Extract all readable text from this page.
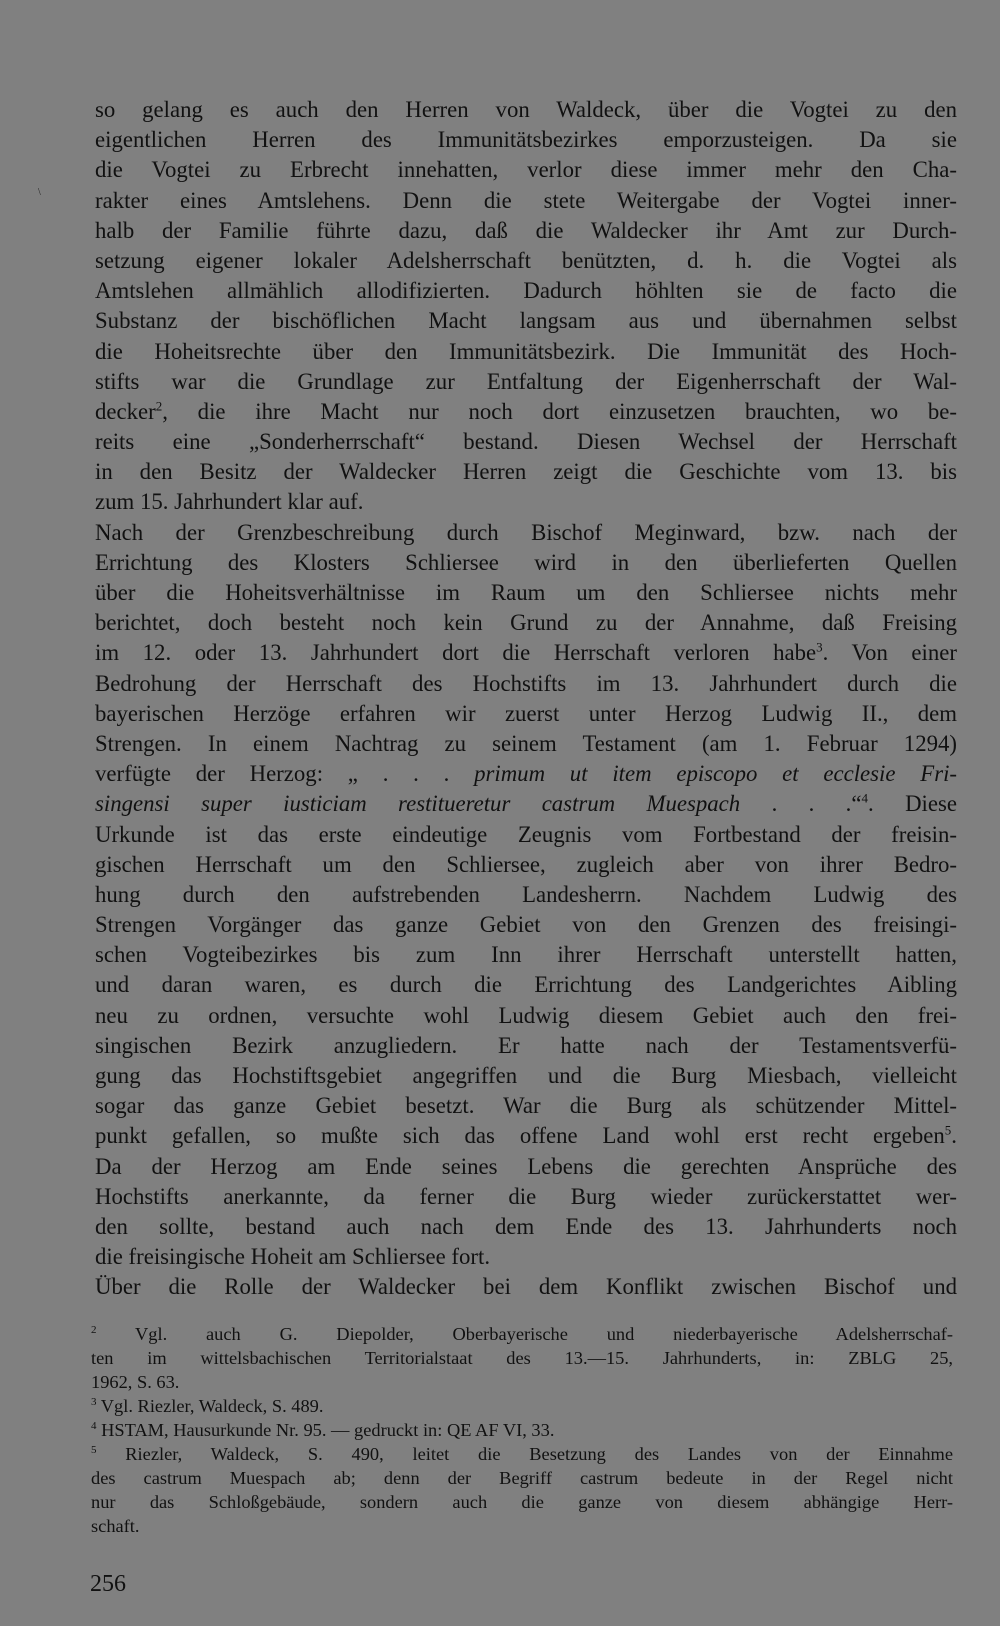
\
so gelang es auch den Herren von Waldeck, über die Vogtei zu den
eigentlichen Herren des Immunitätsbezirkes emporzusteigen. Da sie
die Vogtei zu Erbrecht innehatten, verlor diese immer mehr den Cha-
rakter eines Amtslehens. Denn die stete Weitergabe der Vogtei inner-
halb der Familie führte dazu, daß die Waldecker ihr Amt zur Durch-
setzung eigener lokaler Adelsherrschaft benützten, d. h. die Vogtei als
Amtslehen allmählich allodifizierten. Dadurch höhlten sie de facto die
Substanz der bischöflichen Macht langsam aus und übernahmen selbst
die Hoheitsrechte über den Immunitätsbezirk. Die Immunität des Hoch-
stifts war die Grundlage zur Entfaltung der Eigenherrschaft der Wal-
decker$^2$, die ihre Macht nur noch dort einzusetzen brauchten, wo be-
reits eine „Sonderherrschaft“ bestand. Diesen Wechsel der Herrschaft
in den Besitz der Waldecker Herren zeigt die Geschichte vom 13. bis
zum 15. Jahrhundert klar auf.
Nach der Grenzbeschreibung durch Bischof Meginward, bzw. nach der
Errichtung des Klosters Schliersee wird in den überlieferten Quellen
über die Hoheitsverhältnisse im Raum um den Schliersee nichts mehr
berichtet, doch besteht noch kein Grund zu der Annahme, daß Freising
im 12. oder 13. Jahrhundert dort die Herrschaft verloren habe$^3$. Von einer
Bedrohung der Herrschaft des Hochstifts im 13. Jahrhundert durch die
bayerischen Herzöge erfahren wir zuerst unter Herzog Ludwig II., dem
Strengen. In einem Nachtrag zu seinem Testament (am 1. Februar 1294)
verfügte der Herzog: „ . . . primum ut item episcopo et ecclesie Fri-
singensi super iusticiam restitueretur castrum Muespach . . .“$^4$. Diese
Urkunde ist das erste eindeutige Zeugnis vom Fortbestand der freisin-
gischen Herrschaft um den Schliersee, zugleich aber von ihrer Bedro-
hung durch den aufstrebenden Landesherrn. Nachdem Ludwig des
Strengen Vorgänger das ganze Gebiet von den Grenzen des freisingi-
schen Vogteibezirkes bis zum Inn ihrer Herrschaft unterstellt hatten,
und daran waren, es durch die Errichtung des Landgerichtes Aibling
neu zu ordnen, versuchte wohl Ludwig diesem Gebiet auch den frei-
singischen Bezirk anzugliedern. Er hatte nach der Testamentsverfü-
gung das Hochstiftsgebiet angegriffen und die Burg Miesbach, vielleicht
sogar das ganze Gebiet besetzt. War die Burg als schützender Mittel-
punkt gefallen, so mußte sich das offene Land wohl erst recht ergeben$^5$.
Da der Herzog am Ende seines Lebens die gerechten Ansprüche des
Hochstifts anerkannte, da ferner die Burg wieder zurückerstattet wer-
den sollte, bestand auch nach dem Ende des 13. Jahrhunderts noch
die freisingische Hoheit am Schliersee fort.
Über die Rolle der Waldecker bei dem Konflikt zwischen Bischof und
$^2$ Vgl. auch G. Diepolder, Oberbayerische und niederbayerische Adelsherrschaf-
ten im wittelsbachischen Territorialstaat des 13.—15. Jahrhunderts, in: ZBLG 25,
1962, S. 63.
$^3$ Vgl. Riezler, Waldeck, S. 489.
$^4$ HSTAM, Hausurkunde Nr. 95. — gedruckt in: QE AF VI, 33.
$^5$ Riezler, Waldeck, S. 490, leitet die Besetzung des Landes von der Einnahme
des castrum Muespach ab; denn der Begriff castrum bedeute in der Regel nicht
nur das Schloßgebäude, sondern auch die ganze von diesem abhängige Herr-
schaft.
256
